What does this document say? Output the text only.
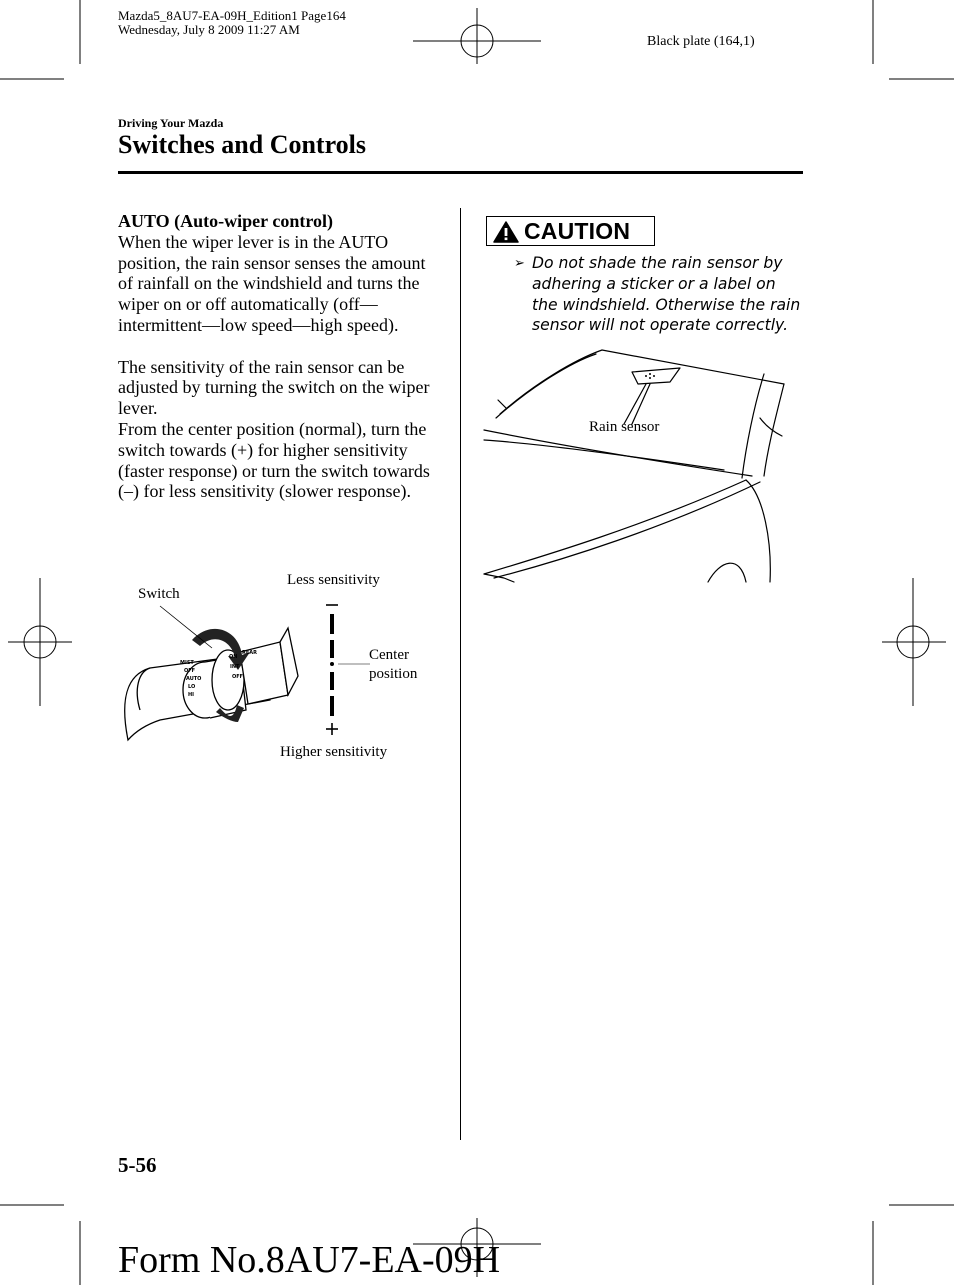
Mazda5_8AU7-EA-09H_Edition1 Page164
Wednesday, July 8 2009 11:27 AM
Black plate (164,1)
Driving Your Mazda
Switches and Controls
AUTO (Auto-wiper control)
When the wiper lever is in the AUTO position, the rain sensor senses the amount of rainfall on the windshield and turns the wiper on or off automatically (off—intermittent—low speed—high speed).
The sensitivity of the rain sensor can be adjusted by turning the switch on the wiper lever.
From the center position (normal), turn the switch towards (+) for higher sensitivity (faster response) or turn the switch towards (–) for less sensitivity (slower response).
MIST
OFF
AUTO
LO
HI
REAR
ON
INT
OFF
Switch
Less sensitivity
Center
position
Higher sensitivity
CAUTION
➢ Do not shade the rain sensor by adhering a sticker or a label on the windshield. Otherwise the rain sensor will not operate correctly.
Rain sensor
5-56
Form No.8AU7-EA-09H
